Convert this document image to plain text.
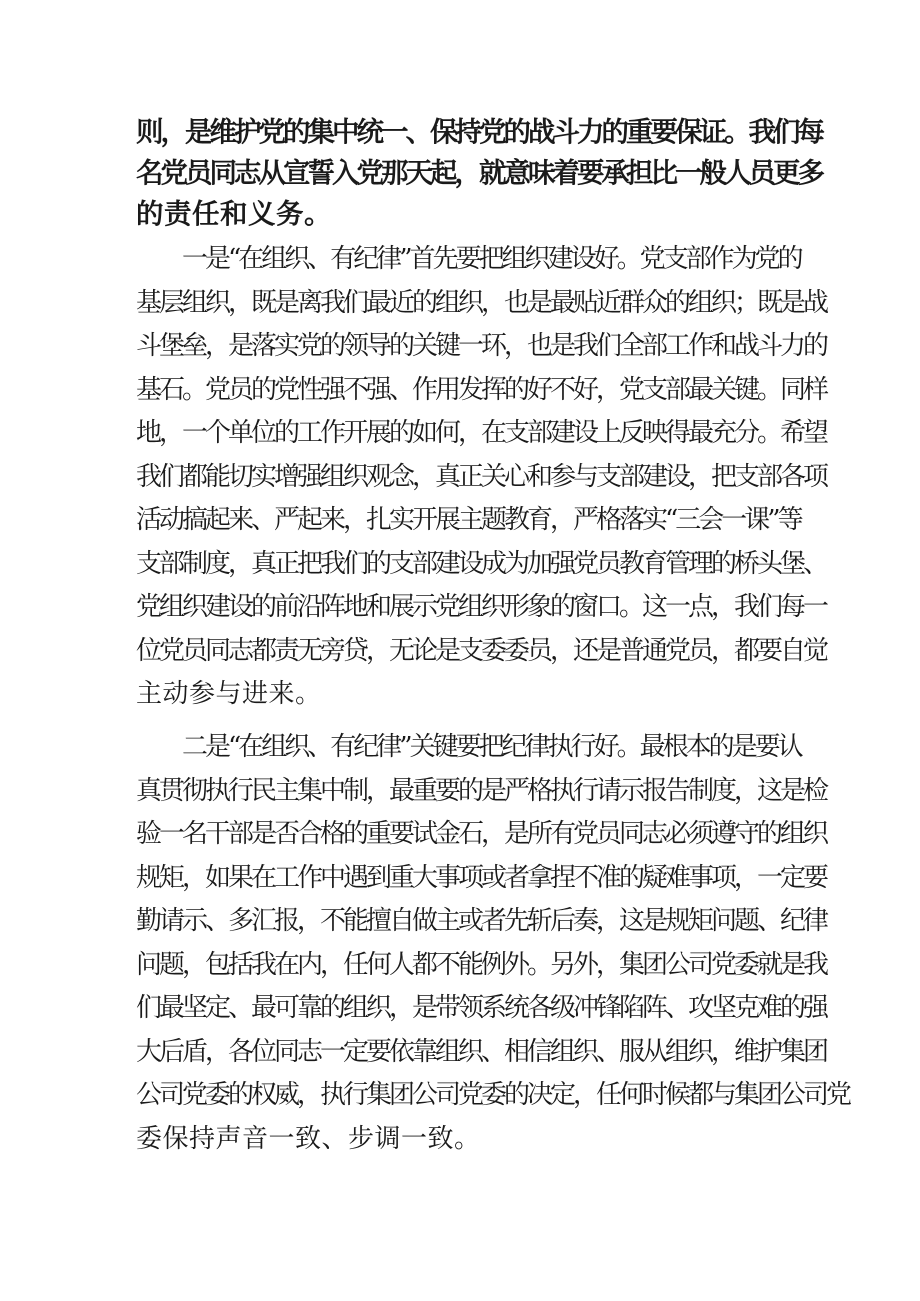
则，是维护党的集中统一、保持党的战斗力的重要保证。我们每
名党员同志从宣誓入党那天起，就意味着要承担比一般人员更多
的责任和义务。
　　一是“在组织、有纪律”首先要把组织建设好。党支部作为党的
基层组织，既是离我们最近的组织，也是最贴近群众的组织；既是战
斗堡垒，是落实党的领导的关键一环，也是我们全部工作和战斗力的
基石。党员的党性强不强、作用发挥的好不好，党支部最关键。同样
地，一个单位的工作开展的如何，在支部建设上反映得最充分。希望
我们都能切实增强组织观念，真正关心和参与支部建设，把支部各项
活动搞起来、严起来，扎实开展主题教育，严格落实“三会一课”等
支部制度，真正把我们的支部建设成为加强党员教育管理的桥头堡、
党组织建设的前沿阵地和展示党组织形象的窗口。这一点，我们每一
位党员同志都责无旁贷，无论是支委委员，还是普通党员，都要自觉
主动参与进来。
　　二是“在组织、有纪律”关键要把纪律执行好。最根本的是要认
真贯彻执行民主集中制，最重要的是严格执行请示报告制度，这是检
验一名干部是否合格的重要试金石，是所有党员同志必须遵守的组织
规矩，如果在工作中遇到重大事项或者拿捏不准的疑难事项，一定要
勤请示、多汇报，不能擅自做主或者先斩后奏，这是规矩问题、纪律
问题，包括我在内，任何人都不能例外。另外，集团公司党委就是我
们最坚定、最可靠的组织，是带领系统各级冲锋陷阵、攻坚克难的强
大后盾，各位同志一定要依靠组织、相信组织、服从组织，维护集团
公司党委的权威，执行集团公司党委的决定，任何时候都与集团公司党
委保持声音一致、步调一致。
